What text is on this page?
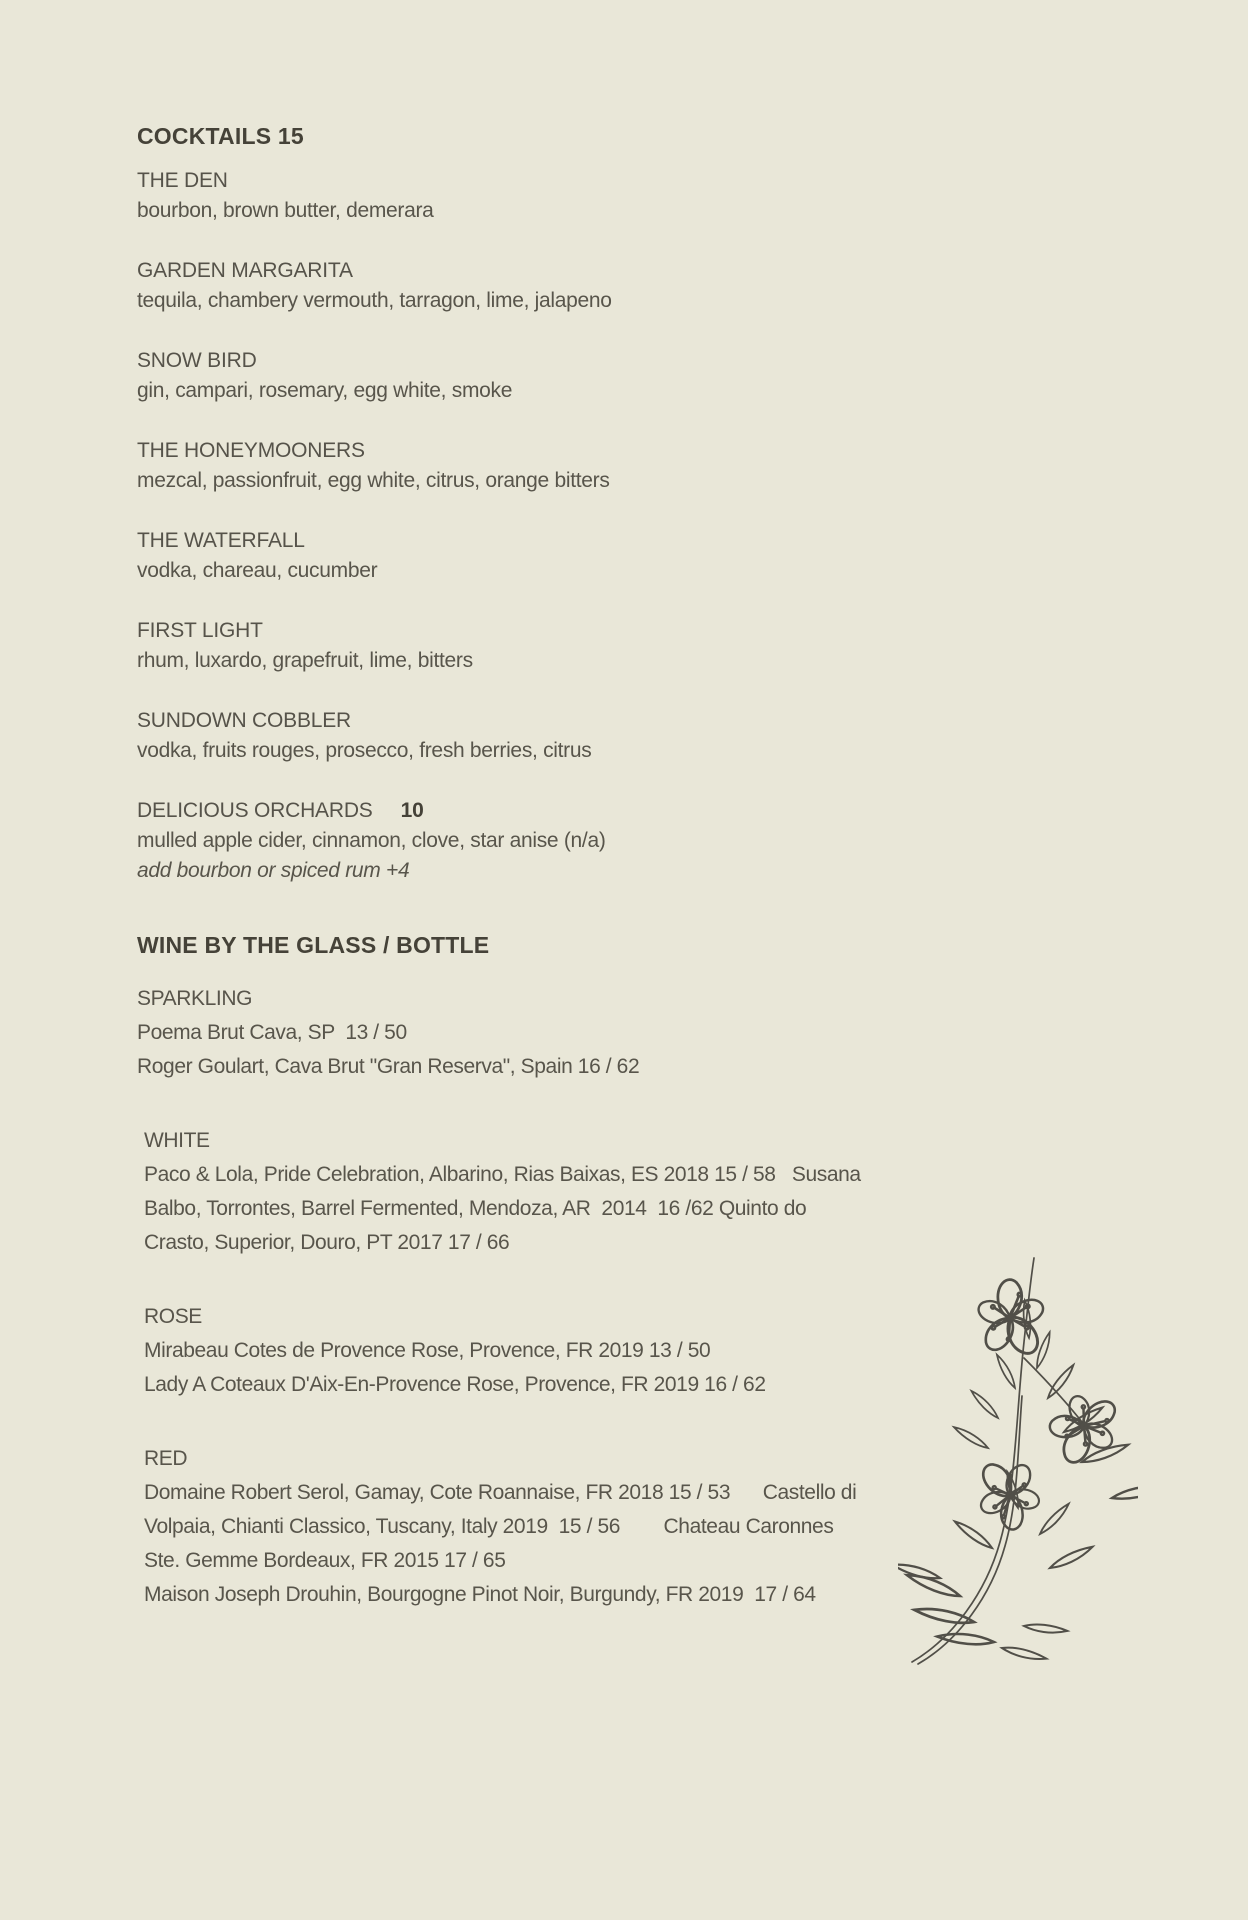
COCKTAILS 15
THE DEN
bourbon, brown butter, demerara
GARDEN MARGARITA
tequila, chambery vermouth, tarragon, lime, jalapeno
SNOW BIRD
gin, campari, rosemary, egg white, smoke
THE HONEYMOONERS
mezcal, passionfruit, egg white, citrus, orange bitters
THE WATERFALL
vodka, chareau, cucumber
FIRST LIGHT
rhum, luxardo, grapefruit, lime, bitters
SUNDOWN COBBLER
vodka, fruits rouges, prosecco, fresh berries, citrus
DELICIOUS ORCHARDS 10
mulled apple cider, cinnamon, clove, star anise (n/a)
add bourbon or spiced rum +4
WINE BY THE GLASS / BOTTLE
SPARKLING
Poema Brut Cava, SP  13 / 50
Roger Goulart, Cava Brut "Gran Reserva", Spain 16 / 62
WHITE
Paco & Lola, Pride Celebration, Albarino, Rias Baixas, ES 2018 15 / 58   Susana
Balbo, Torrontes, Barrel Fermented, Mendoza, AR  2014  16 /62 Quinto do
Crasto, Superior, Douro, PT 2017 17 / 66
ROSE
Mirabeau Cotes de Provence Rose, Provence, FR 2019 13 / 50
Lady A Coteaux D'Aix-En-Provence Rose, Provence, FR 2019 16 / 62
RED
Domaine Robert Serol, Gamay, Cote Roannaise, FR 2018 15 / 53      Castello di
Volpaia, Chianti Classico, Tuscany, Italy 2019  15 / 56        Chateau Caronnes
Ste. Gemme Bordeaux, FR 2015 17 / 65
Maison Joseph Drouhin, Bourgogne Pinot Noir, Burgundy, FR 2019  17 / 64
